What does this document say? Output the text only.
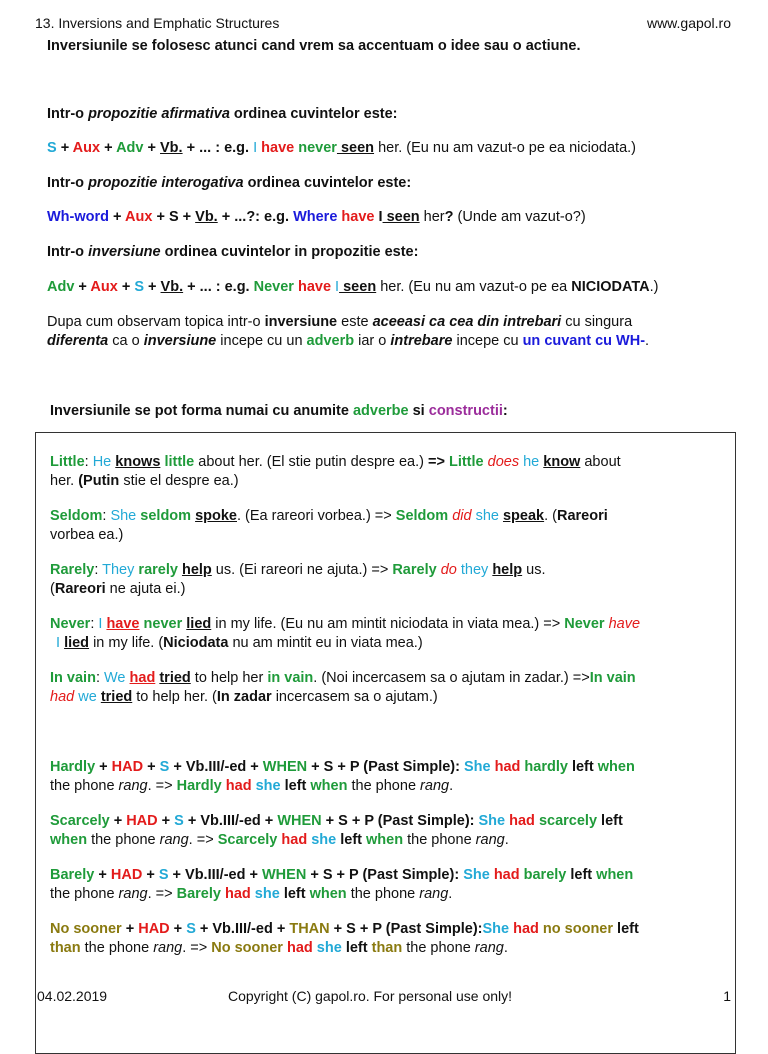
13. Inversions and Emphatic Structures	www.gapol.ro
Inversiunile se folosesc atunci cand vrem sa accentuam o idee sau o actiune.
Intr-o propozitie afirmativa ordinea cuvintelor este:
S + Aux + Adv + Vb. + ... : e.g. I have never seen her. (Eu nu am vazut-o pe ea niciodata.)
Intr-o propozitie interogativa ordinea cuvintelor este:
Wh-word + Aux + S + Vb. + ...?: e.g. Where have I seen her? (Unde am vazut-o?)
Intr-o inversiune ordinea cuvintelor in propozitie este:
Adv + Aux + S + Vb. + ... : e.g. Never have I seen her. (Eu nu am vazut-o pe ea NICIODATA.)
Dupa cum observam topica intr-o inversiune este aceeasi ca cea din intrebari cu singura
diferenta ca o inversiune incepe cu un adverb iar o intrebare incepe cu un cuvant cu WH-.
Inversiunile se pot forma numai cu anumite adverbe si constructii:
Little: He knows little about her. (El stie putin despre ea.) => Little does he know about
her. (Putin stie el despre ea.)
Seldom: She seldom spoke. (Ea rareori vorbea.) => Seldom did she speak. (Rareori
vorbea ea.)
Rarely: They rarely help us. (Ei rareori ne ajuta.) => Rarely do they help us.
(Rareori ne ajuta ei.)
Never: I have never lied in my life. (Eu nu am mintit niciodata in viata mea.) => Never have
I lied in my life. (Niciodata nu am mintit eu in viata mea.)
In vain: We had tried to help her in vain. (Noi incercasem sa o ajutam in zadar.) =>In vain
had we tried to help her. (In zadar incercasem sa o ajutam.)
Hardly + HAD + S + Vb.III/-ed + WHEN + S + P (Past Simple): She had hardly left when
the phone rang. => Hardly had she left when the phone rang.
Scarcely + HAD + S + Vb.III/-ed + WHEN + S + P (Past Simple): She had scarcely left
when the phone rang. => Scarcely had she left when the phone rang.
Barely + HAD + S + Vb.III/-ed + WHEN + S + P (Past Simple): She had barely left when
the phone rang. => Barely had she left when the phone rang.
No sooner + HAD + S + Vb.III/-ed + THAN + S + P (Past Simple):She had no sooner left
than the phone rang. => No sooner had she left than the phone rang.
04.02.2019	Copyright (C) gapol.ro. For personal use only!	1
